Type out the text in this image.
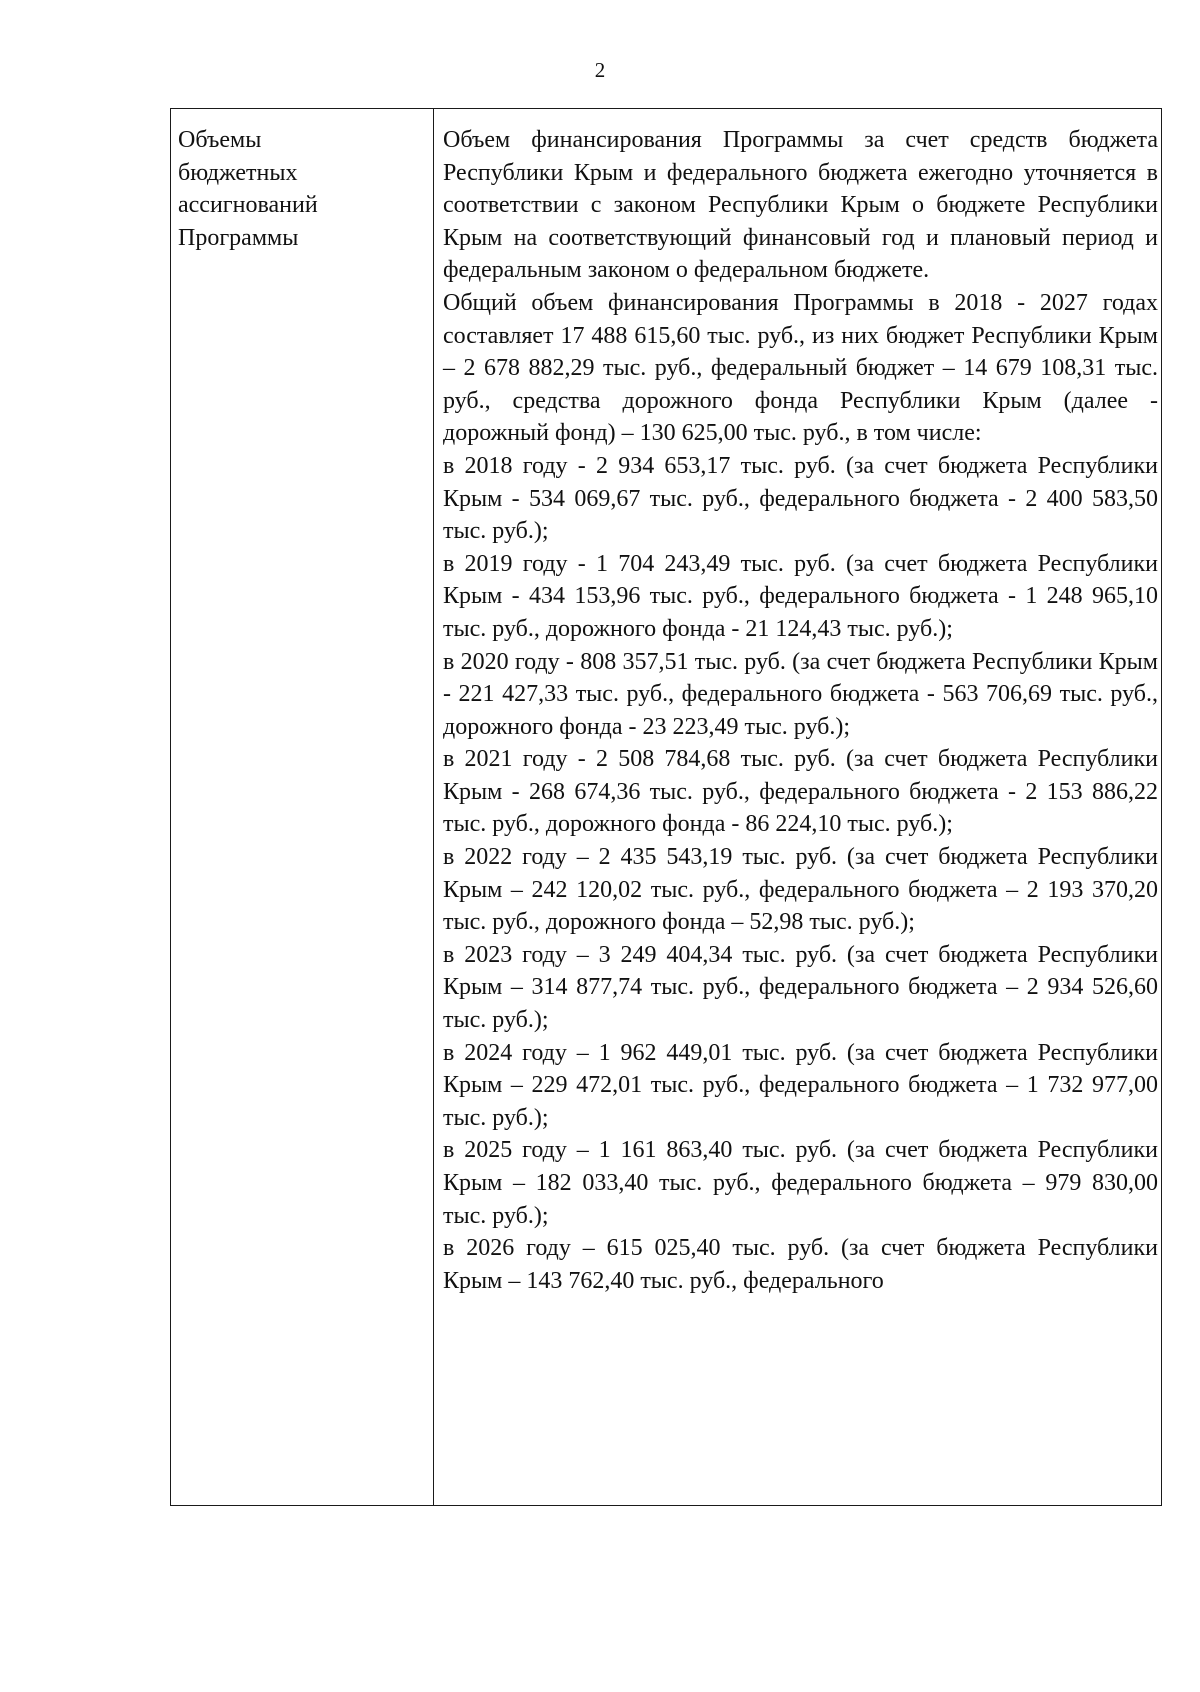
2
Объемы
бюджетных
ассигнований
Программы

Объем финансирования Программы за счет средств бюджета Республики Крым и федерального бюджета ежегодно уточняется в соответствии с законом Республики Крым о бюджете Республики Крым на соответствующий финансовый год и плановый период и федеральным законом о федеральном бюджете.

Общий объем финансирования Программы в 2018 - 2027 годах составляет 17 488 615,60 тыс. руб., из них бюджет Республики Крым – 2 678 882,29 тыс. руб., федеральный бюджет – 14 679 108,31 тыс. руб., средства дорожного фонда Республики Крым (далее - дорожный фонд) – 130 625,00 тыс. руб., в том числе:

в 2018 году - 2 934 653,17 тыс. руб. (за счет бюджета Республики Крым - 534 069,67 тыс. руб., федерального бюджета - 2 400 583,50 тыс. руб.);

в 2019 году - 1 704 243,49 тыс. руб. (за счет бюджета Республики Крым - 434 153,96 тыс. руб., федерального бюджета - 1 248 965,10 тыс. руб., дорожного фонда - 21 124,43 тыс. руб.);

в 2020 году - 808 357,51 тыс. руб. (за счет бюджета Республики Крым - 221 427,33 тыс. руб., федерального бюджета - 563 706,69 тыс. руб., дорожного фонда - 23 223,49 тыс. руб.);

в 2021 году - 2 508 784,68 тыс. руб. (за счет бюджета Республики Крым - 268 674,36 тыс. руб., федерального бюджета - 2 153 886,22 тыс. руб., дорожного фонда - 86 224,10 тыс. руб.);

в 2022 году – 2 435 543,19 тыс. руб. (за счет бюджета Республики Крым – 242 120,02 тыс. руб., федерального бюджета – 2 193 370,20 тыс. руб., дорожного фонда – 52,98 тыс. руб.);

в 2023 году – 3 249 404,34 тыс. руб. (за счет бюджета Республики Крым – 314 877,74 тыс. руб., федерального бюджета – 2 934 526,60 тыс. руб.);

в 2024 году – 1 962 449,01 тыс. руб. (за счет бюджета Республики Крым – 229 472,01 тыс. руб., федерального бюджета – 1 732 977,00 тыс. руб.);

в 2025 году – 1 161 863,40 тыс. руб. (за счет бюджета Республики Крым – 182 033,40 тыс. руб., федерального бюджета – 979 830,00 тыс. руб.);

в 2026 году – 615 025,40 тыс. руб. (за счет бюджета Республики Крым – 143 762,40 тыс. руб., федерального
